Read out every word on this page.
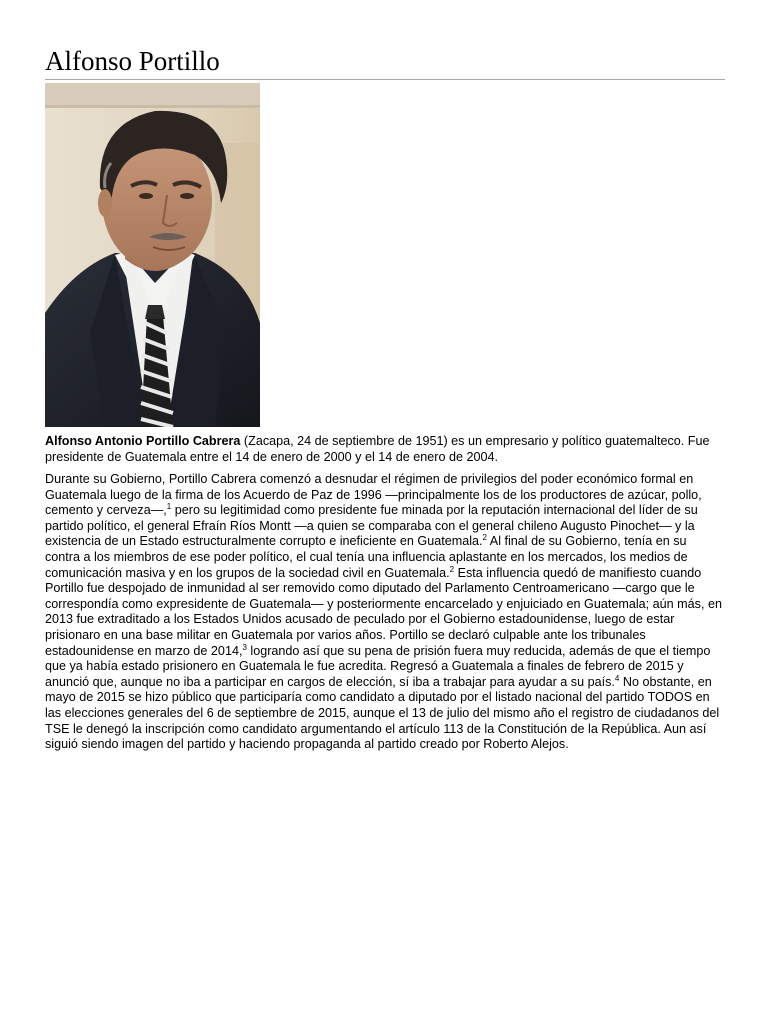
Alfonso Portillo

Alfonso Antonio Portillo Cabrera (Zacapa, 24 de septiembre de 1951) es un empresario y político guatemalteco. Fue presidente de Guatemala entre el 14 de enero de 2000 y el 14 de enero de 2004.

Durante su Gobierno, Portillo Cabrera comenzó a desnudar el régimen de privilegios del poder económico formal en Guatemala luego de la firma de los Acuerdo de Paz de 1996 —principalmente los de los productores de azúcar, pollo, cemento y cerveza—,$^1$ pero su legitimidad como presidente fue minada por la reputación internacional del líder de su partido político, el general Efraín Ríos Montt —a quien se comparaba con el general chileno Augusto Pinochet— y la existencia de un Estado estructuralmente corrupto e ineficiente en Guatemala.$^2$ Al final de su Gobierno, tenía en su contra a los miembros de ese poder político, el cual tenía una influencia aplastante en los mercados, los medios de comunicación masiva y en los grupos de la sociedad civil en Guatemala.$^2$ Esta influencia quedó de manifiesto cuando Portillo fue despojado de inmunidad al ser removido como diputado del Parlamento Centroamericano —cargo que le correspondía como expresidente de Guatemala— y posteriormente encarcelado y enjuiciado en Guatemala; aún más, en 2013 fue extraditado a los Estados Unidos acusado de peculado por el Gobierno estadounidense, luego de estar prisionaro en una base militar en Guatemala por varios años. Portillo se declaró culpable ante los tribunales estadounidense en marzo de 2014,$^3$ logrando así que su pena de prisión fuera muy reducida, además de que el tiempo que ya había estado prisionero en Guatemala le fue acredita. Regresó a Guatemala a finales de febrero de 2015 y anunció que, aunque no iba a participar en cargos de elección, sí iba a trabajar para ayudar a su país.$^4$ No obstante, en mayo de 2015 se hizo público que participaría como candidato a diputado por el listado nacional del partido TODOS en las elecciones generales del 6 de septiembre de 2015, aunque el 13 de julio del mismo año el registro de ciudadanos del TSE le denegó la inscripción como candidato argumentando el artículo 113 de la Constitución de la República. Aun así siguió siendo imagen del partido y haciendo propaganda al partido creado por Roberto Alejos.
